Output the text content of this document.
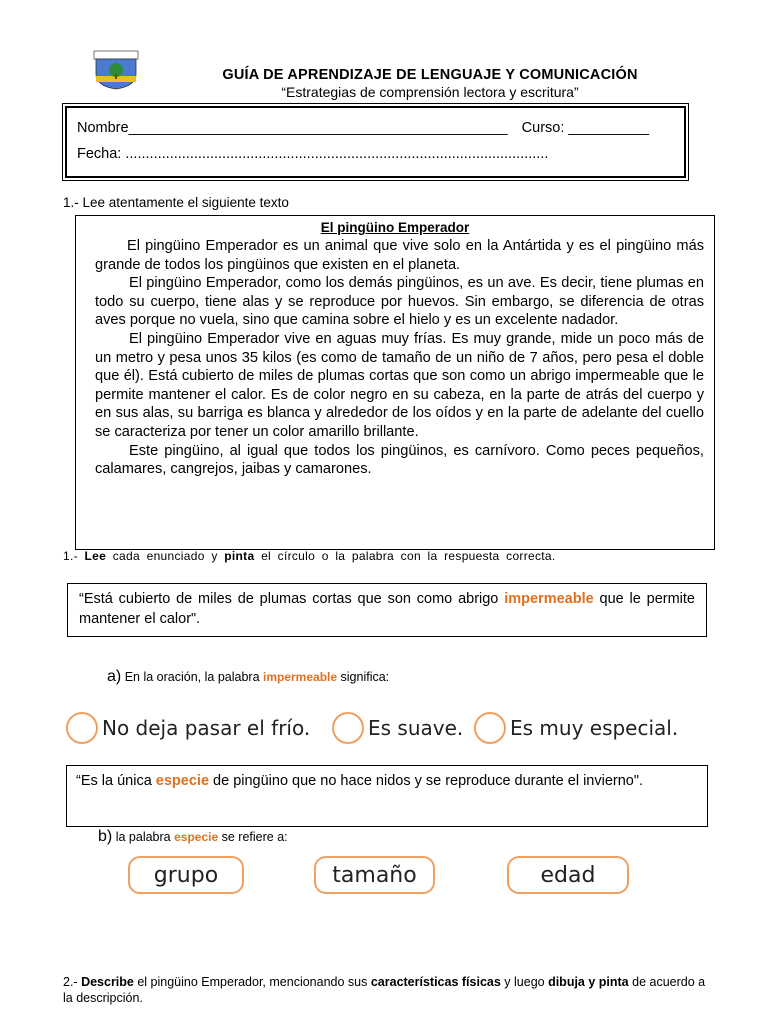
GUÍA DE APRENDIZAJE DE LENGUAJE Y COMUNICACIÓN
“Estrategias de comprensión lectora y escritura”
Nombre_______________________________________________ Curso: __________
Fecha: .........................................................................................................
1.- Lee atentamente el siguiente texto
El pingüino Emperador

El pingüino Emperador es un animal que vive solo en la Antártida y es el pingüino más grande de todos los pingüinos que existen en el planeta.

El pingüino Emperador, como los demás pingüinos, es un ave. Es decir, tiene plumas en todo su cuerpo, tiene alas y se reproduce por huevos. Sin embargo, se diferencia de otras aves porque no vuela, sino que camina sobre el hielo y es un excelente nadador.

El pingüino Emperador vive en aguas muy frías. Es muy grande, mide un poco más de un metro y pesa unos 35 kilos (es como de tamaño de un niño de 7 años, pero pesa el doble que él). Está cubierto de miles de plumas cortas que son como un abrigo impermeable que le permite mantener el calor. Es de color negro en su cabeza, en la parte de atrás del cuerpo y en sus alas, su barriga es blanca y alrededor de los oídos y en la parte de adelante del cuello se caracteriza por tener un color amarillo brillante.

Este pingüino, al igual que todos los pingüinos, es carnívoro. Como peces pequeños, calamares, cangrejos, jaibas y camarones.

1.- Lee cada enunciado y pinta el círculo o la palabra con la respuesta correcta.
“Está cubierto de miles de plumas cortas que son como abrigo impermeable que le permite mantener el calor".
a) En la oración, la palabra impermeable significa:
No deja pasar el frío.	Es suave. Es muy especial.
“Es la única especie de pingüino que no hace nidos y se reproduce durante el invierno".
b) la palabra especie se refiere a:
grupo	tamaño	edad
2.- Describe el pingüino Emperador, mencionando sus características físicas y luego dibuja y pinta de acuerdo a la descripción.
